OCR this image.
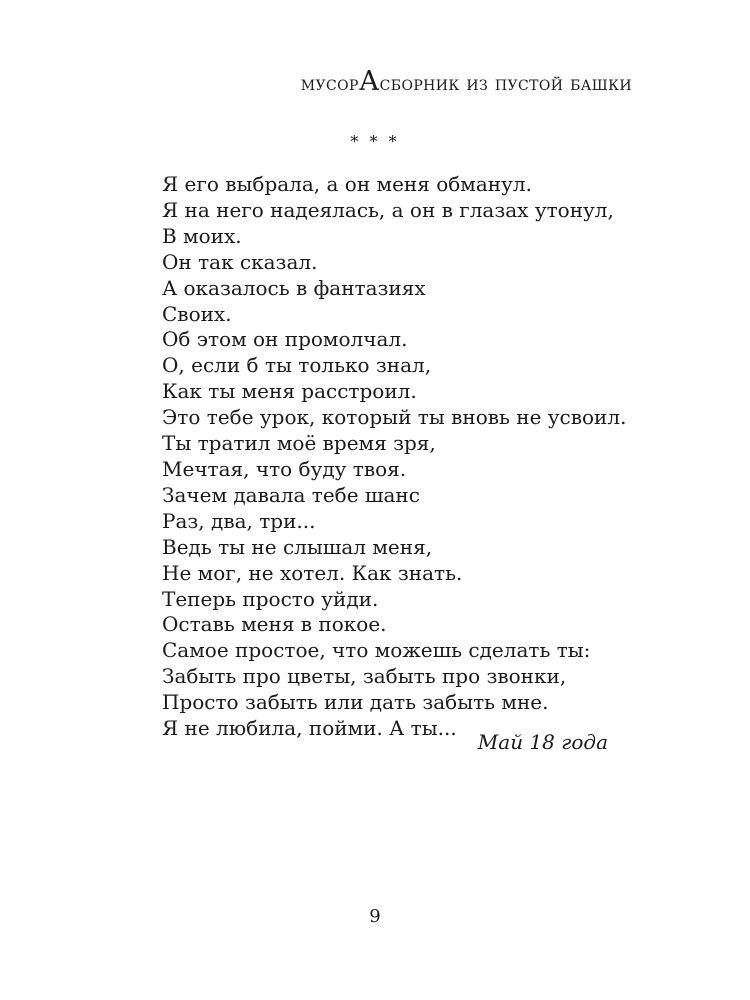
мусорАсборник из пустой башки
* * *
Я его выбрала, а он меня обманул.
Я на него надеялась, а он в глазах утонул,
В моих.
Он так сказал.
А оказалось в фантазиях
Своих.
Об этом он промолчал.
О, если б ты только знал,
Как ты меня расстроил.
Это тебе урок, который ты вновь не усвоил.
Ты тратил моё время зря,
Мечтая, что буду твоя.
Зачем давала тебе шанс
Раз, два, три...
Ведь ты не слышал меня,
Не мог, не хотел. Как знать.
Теперь просто уйди.
Оставь меня в покое.
Самое простое, что можешь сделать ты:
Забыть про цветы, забыть про звонки,
Просто забыть или дать забыть мне.
Я не любила, пойми. А ты...
Май 18 года
9
